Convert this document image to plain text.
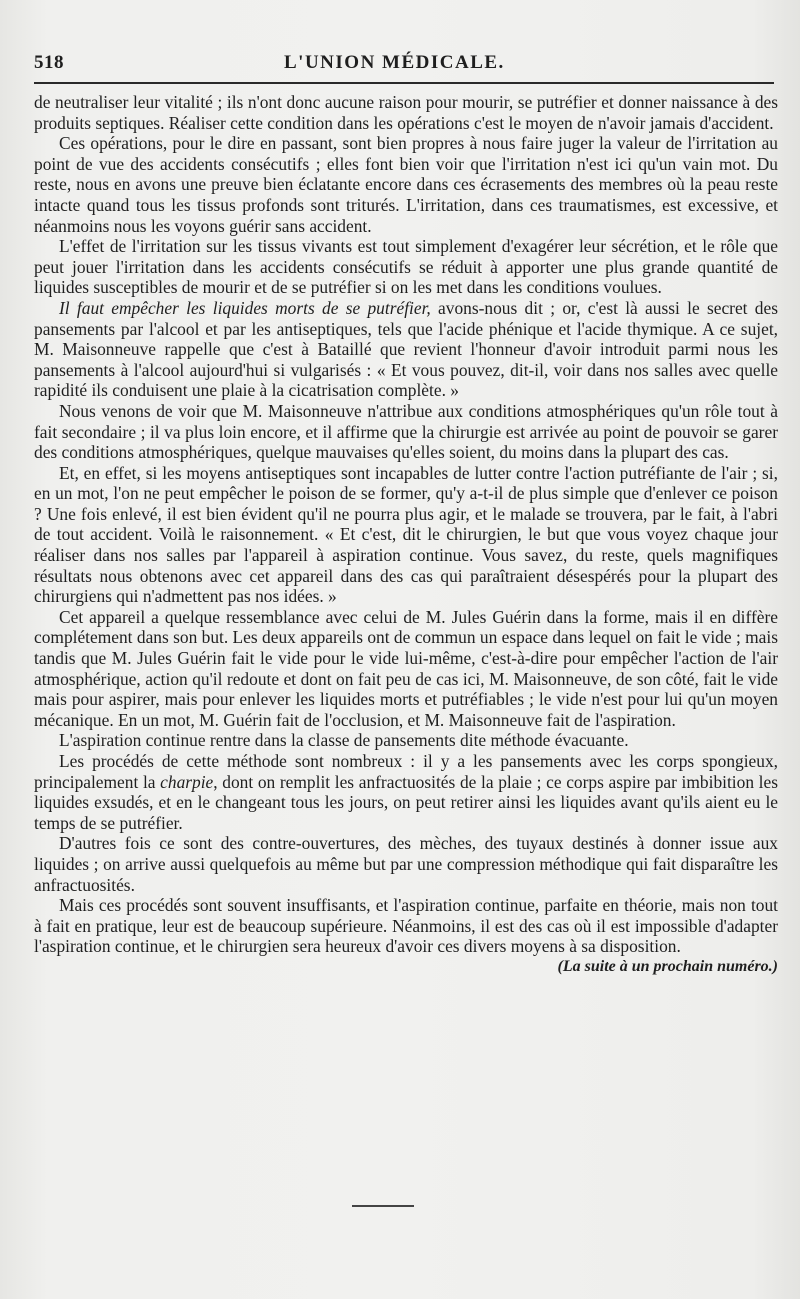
518	L'UNION MÉDICALE.

de neutraliser leur vitalité ; ils n'ont donc aucune raison pour mourir, se putréfier et donner naissance à des produits septiques. Réaliser cette condition dans les opérations c'est le moyen de n'avoir jamais d'accident.

Ces opérations, pour le dire en passant, sont bien propres à nous faire juger la valeur de l'irritation au point de vue des accidents consécutifs ; elles font bien voir que l'irritation n'est ici qu'un vain mot. Du reste, nous en avons une preuve bien éclatante encore dans ces écrasements des membres où la peau reste intacte quand tous les tissus profonds sont triturés. L'irritation, dans ces traumatismes, est excessive, et néanmoins nous les voyons guérir sans accident.

L'effet de l'irritation sur les tissus vivants est tout simplement d'exagérer leur sécrétion, et le rôle que peut jouer l'irritation dans les accidents consécutifs se réduit à apporter une plus grande quantité de liquides susceptibles de mourir et de se putréfier si on les met dans les conditions voulues.

Il faut empêcher les liquides morts de se putréfier, avons-nous dit ; or, c'est là aussi le secret des pansements par l'alcool et par les antiseptiques, tels que l'acide phénique et l'acide thymique. A ce sujet, M. Maisonneuve rappelle que c'est à Bataillé que revient l'honneur d'avoir introduit parmi nous les pansements à l'alcool aujourd'hui si vulgarisés : « Et vous pouvez, dit-il, voir dans nos salles avec quelle rapidité ils conduisent une plaie à la cicatrisation complète. »

Nous venons de voir que M. Maisonneuve n'attribue aux conditions atmosphériques qu'un rôle tout à fait secondaire ; il va plus loin encore, et il affirme que la chirurgie est arrivée au point de pouvoir se garer des conditions atmosphériques, quelque mauvaises qu'elles soient, du moins dans la plupart des cas.

Et, en effet, si les moyens antiseptiques sont incapables de lutter contre l'action putréfiante de l'air ; si, en un mot, l'on ne peut empêcher le poison de se former, qu'y a-t-il de plus simple que d'enlever ce poison ? Une fois enlevé, il est bien évident qu'il ne pourra plus agir, et le malade se trouvera, par le fait, à l'abri de tout accident. Voilà le raisonnement. « Et c'est, dit le chirurgien, le but que vous voyez chaque jour réaliser dans nos salles par l'appareil à aspiration continue. Vous savez, du reste, quels magnifiques résultats nous obtenons avec cet appareil dans des cas qui paraîtraient désespérés pour la plupart des chirurgiens qui n'admettent pas nos idées. »

Cet appareil a quelque ressemblance avec celui de M. Jules Guérin dans la forme, mais il en diffère complétement dans son but. Les deux appareils ont de commun un espace dans lequel on fait le vide ; mais tandis que M. Jules Guérin fait le vide pour le vide lui-même, c'est-à-dire pour empêcher l'action de l'air atmosphérique, action qu'il redoute et dont on fait peu de cas ici, M. Maisonneuve, de son côté, fait le vide mais pour aspirer, mais pour enlever les liquides morts et putréfiables ; le vide n'est pour lui qu'un moyen mécanique. En un mot, M. Guérin fait de l'occlusion, et M. Maisonneuve fait de l'aspiration.

L'aspiration continue rentre dans la classe de pansements dite méthode évacuante.

Les procédés de cette méthode sont nombreux : il y a les pansements avec les corps spongieux, principalement la charpie, dont on remplit les anfractuosités de la plaie ; ce corps aspire par imbibition les liquides exsudés, et en le changeant tous les jours, on peut retirer ainsi les liquides avant qu'ils aient eu le temps de se putréfier.

D'autres fois ce sont des contre-ouvertures, des mèches, des tuyaux destinés à donner issue aux liquides ; on arrive aussi quelquefois au même but par une compression méthodique qui fait disparaître les anfractuosités.

Mais ces procédés sont souvent insuffisants, et l'aspiration continue, parfaite en théorie, mais non tout à fait en pratique, leur est de beaucoup supérieure. Néanmoins, il est des cas où il est impossible d'adapter l'aspiration continue, et le chirurgien sera heureux d'avoir ces divers moyens à sa disposition.

(La suite à un prochain numéro.)
